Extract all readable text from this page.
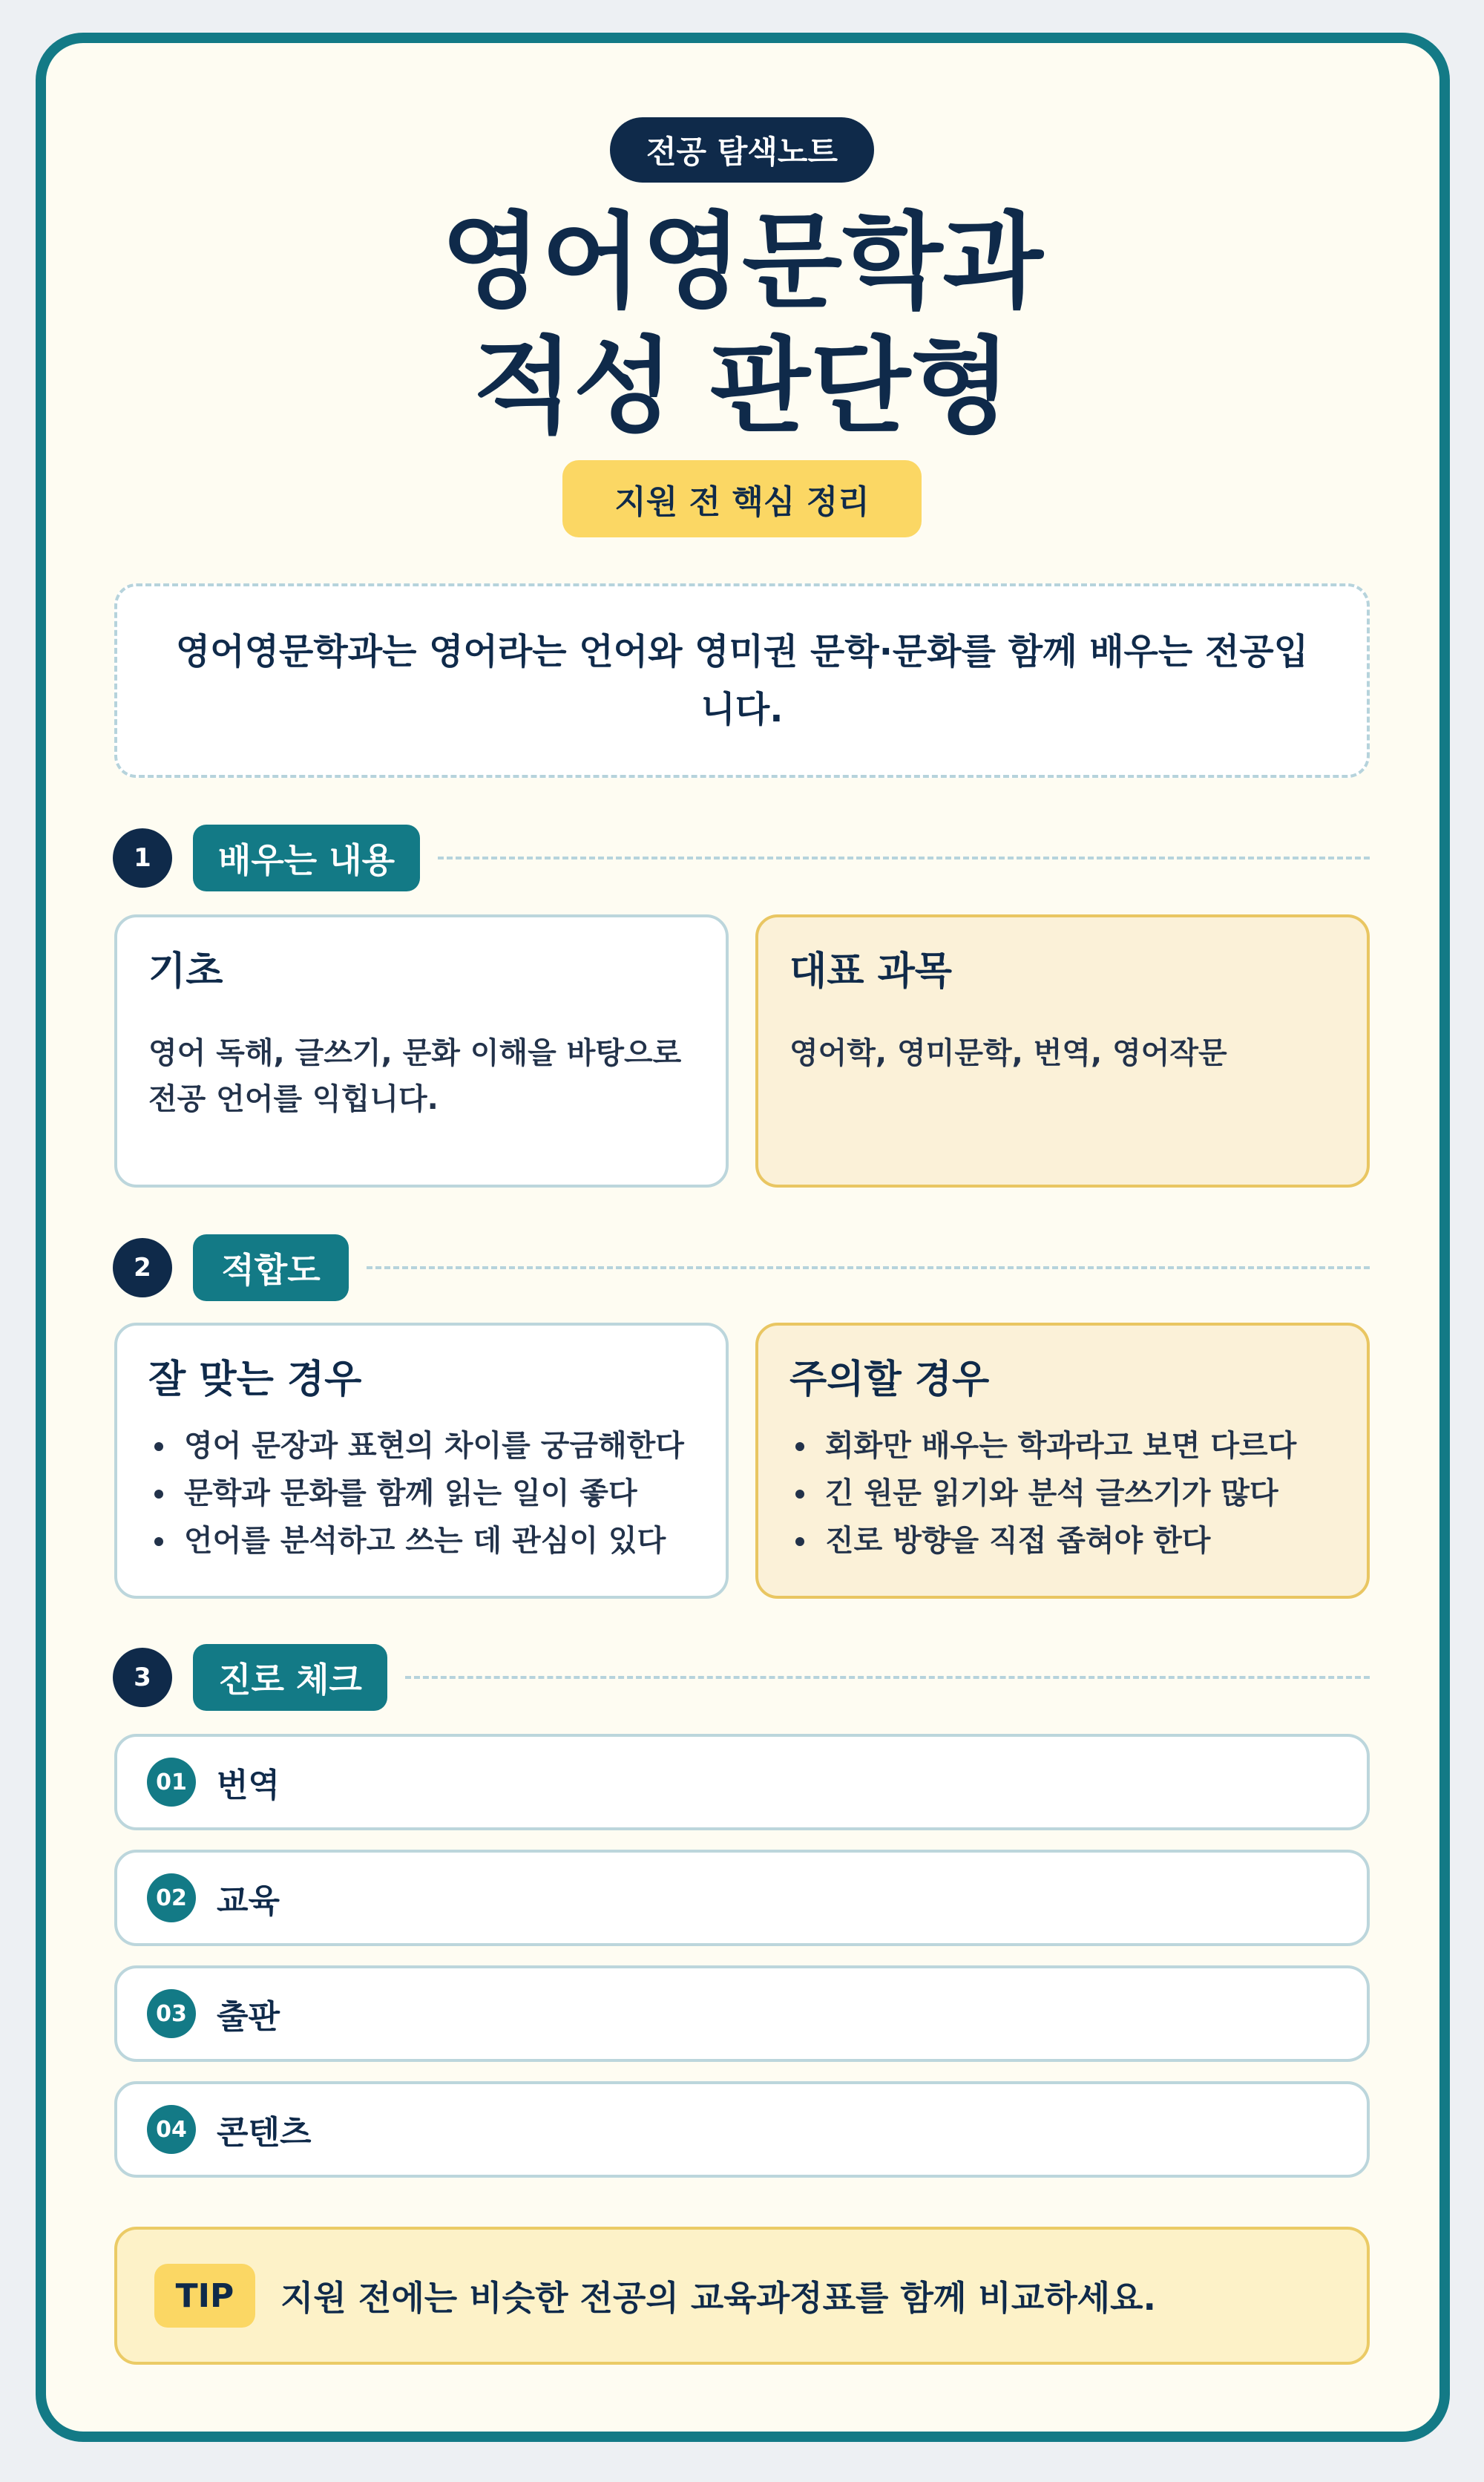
전공 탐색노트
영어영문학과
적성 판단형
지원 전 핵심 정리
영어영문학과는 영어라는 언어와 영미권 문학·문화를 함께 배우는 전공입니다.
1	배우는 내용
기초

영어 독해, 글쓰기, 문화 이해을 바탕으로 전공 언어를 익힙니다.

대표 과목

영어학, 영미문학, 번역, 영어작문

2	적합도
잘 맞는 경우
영어 문장과 표현의 차이를 궁금해한다
문학과 문화를 함께 읽는 일이 좋다
언어를 분석하고 쓰는 데 관심이 있다
주의할 경우
회화만 배우는 학과라고 보면 다르다
긴 원문 읽기와 분석 글쓰기가 많다
진로 방향을 직접 좁혀야 한다
3	진로 체크
01 번역
02 교육
03 출판
04 콘텐츠
TIP	지원 전에는 비슷한 전공의 교육과정표를 함께 비교하세요.
